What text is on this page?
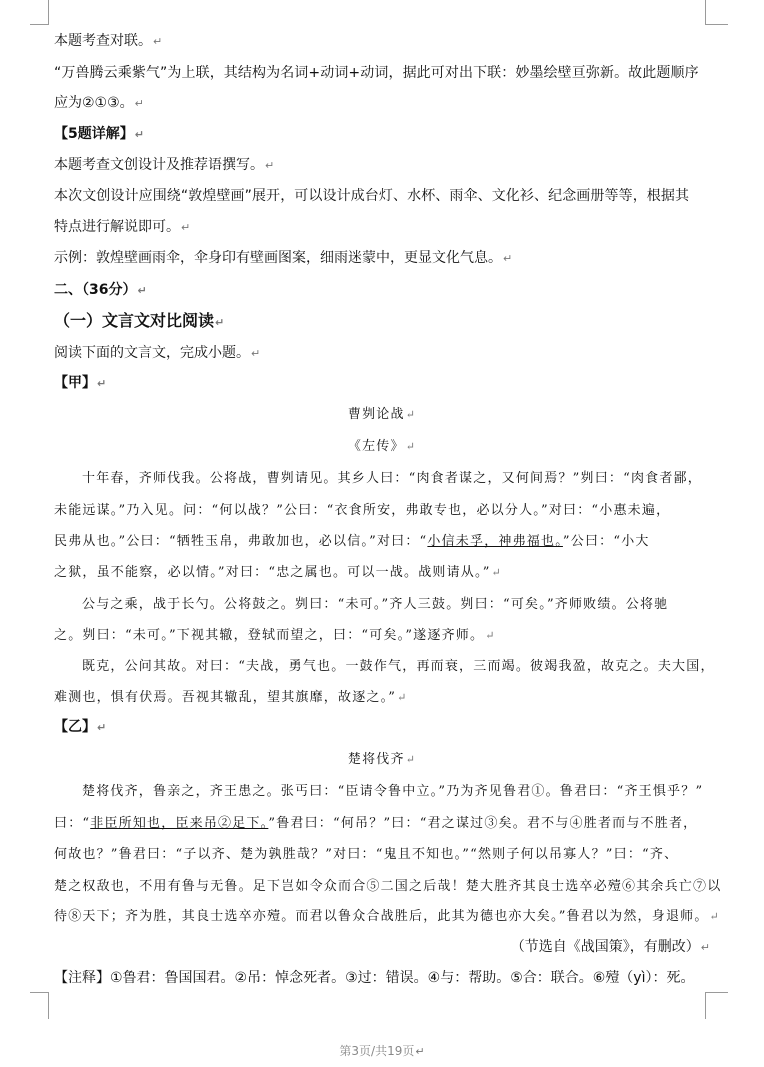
本题考查对联。↵
“万兽腾云乘紫气”为上联，其结构为名词+动词+动词，据此可对出下联：妙墨绘壁亘弥新。故此题顺序
应为②①③。↵
【5题详解】↵
本题考查文创设计及推荐语撰写。↵
本次文创设计应围绕“敦煌壁画”展开，可以设计成台灯、水杯、雨伞、文化衫、纪念画册等等，根据其
特点进行解说即可。↵
示例：敦煌壁画雨伞，伞身印有壁画图案，细雨迷蒙中，更显文化气息。↵
二、（36分）↵
（一）文言文对比阅读↵
阅读下面的文言文，完成小题。↵
【甲】↵
曹刿论战↵
《左传》↵
十年春，齐师伐我。公将战，曹刿请见。其乡人曰：“肉食者谋之，又何间焉？”刿曰：“肉食者鄙，
未能远谋。”乃入见。问：“何以战？”公曰：“衣食所安，弗敢专也，必以分人。”对曰：“小惠未遍，
民弗从也。”公曰：“牺牲玉帛，弗敢加也，必以信。”对曰：“小信未孚，神弗福也。”公曰：“小大
之狱，虽不能察，必以情。”对曰：“忠之属也。可以一战。战则请从。”↵
公与之乘，战于长勺。公将鼓之。刿曰：“未可。”齐人三鼓。刿曰：“可矣。”齐师败绩。公将驰
之。刿曰：“未可。”下视其辙，登轼而望之，曰：“可矣。”遂逐齐师。↵
既克，公问其故。对曰：“夫战，勇气也。一鼓作气，再而衰，三而竭。彼竭我盈，故克之。夫大国，
难测也，惧有伏焉。吾视其辙乱，望其旗靡，故逐之。”↵
【乙】↵
楚将伐齐↵
楚将伐齐，鲁亲之，齐王患之。张丐曰：“臣请令鲁中立。”乃为齐见鲁君①。鲁君曰：“齐王惧乎？”
曰：“非臣所知也，臣来吊②足下。”鲁君曰：“何吊？”曰：“君之谋过③矣。君不与④胜者而与不胜者，
何故也？”鲁君曰：“子以齐、楚为孰胜哉？”对曰：“鬼且不知也。”“然则子何以吊寡人？”曰：“齐、
楚之权敌也，不用有鲁与无鲁。足下岂如令众而合⑤二国之后哉！楚大胜齐其良士选卒必殪⑥其余兵亡⑦以
待⑧天下；齐为胜，其良士选卒亦殪。而君以鲁众合战胜后，此其为德也亦大矣。”鲁君以为然，身退师。↵
（节选自《战国策》，有删改）↵
【注释】①鲁君：鲁国国君。②吊：悼念死者。③过：错误。④与：帮助。⑤合：联合。⑥殪（yì）：死。
第3页/共19页↵
